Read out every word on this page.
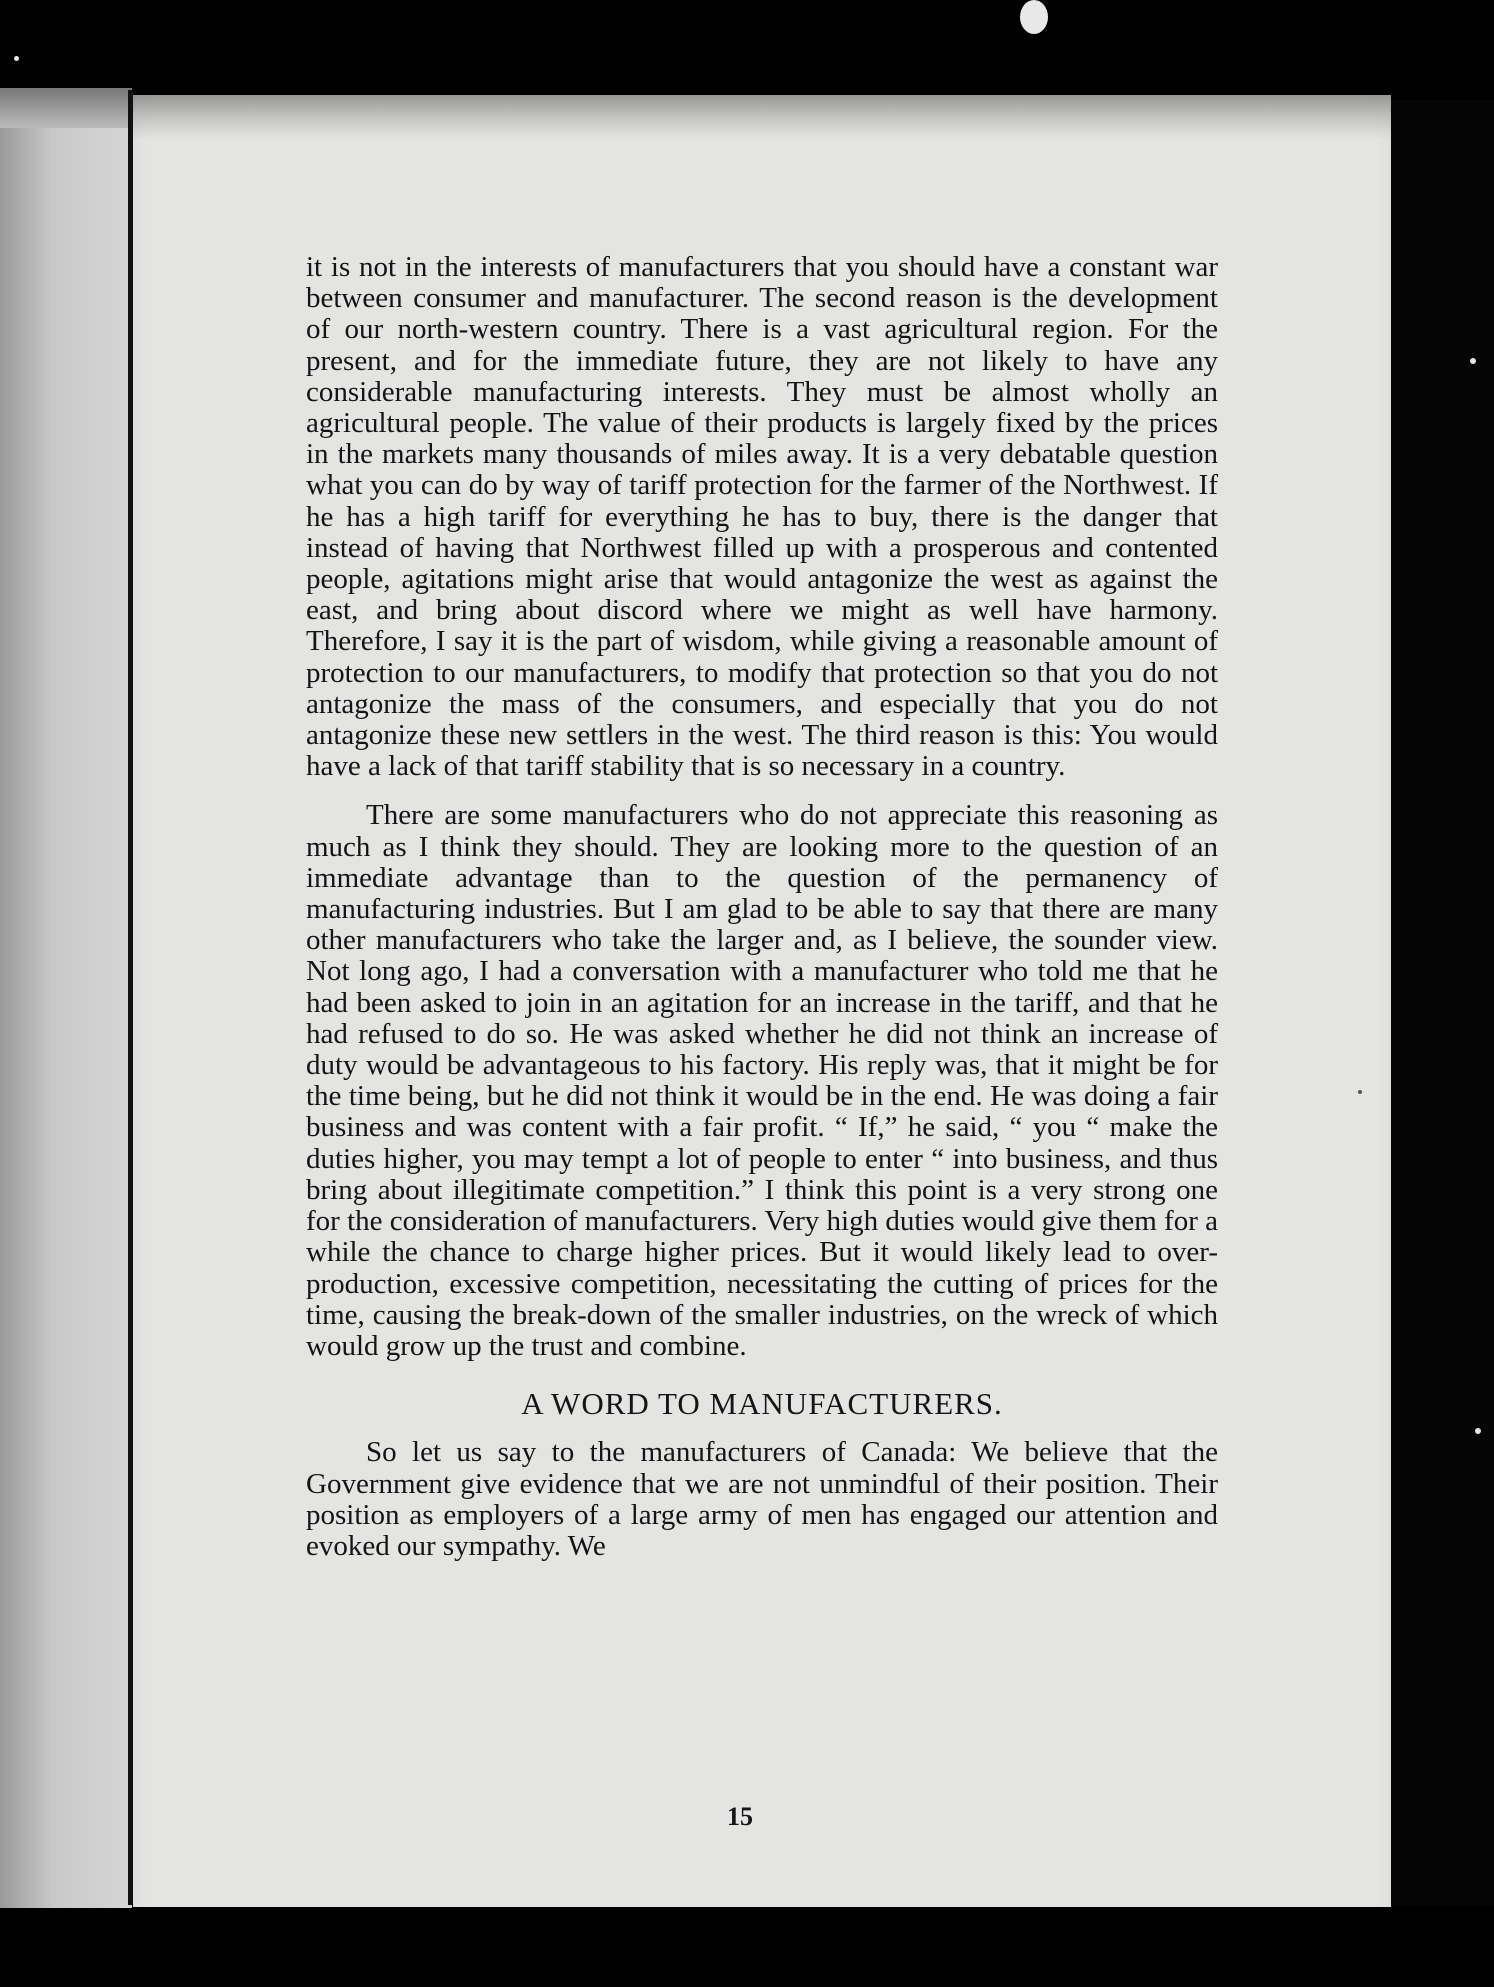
it is not in the interests of manufacturers that you should have a constant war between consumer and manufacturer. The second reason is the development of our north-western country. There is a vast agricultural region. For the present, and for the immediate future, they are not likely to have any considerable manufacturing interests. They must be almost wholly an agricultural people. The value of their products is largely fixed by the prices in the markets many thousands of miles away. It is a very debatable question what you can do by way of tariff protection for the farmer of the Northwest. If he has a high tariff for everything he has to buy, there is the danger that instead of having that Northwest filled up with a prosperous and contented people, agitations might arise that would antagonize the west as against the east, and bring about discord where we might as well have harmony. Therefore, I say it is the part of wisdom, while giving a reasonable amount of protection to our manufacturers, to modify that protection so that you do not antagonize the mass of the consumers, and especially that you do not antagonize these new settlers in the west. The third reason is this: You would have a lack of that tariff stability that is so necessary in a country.

There are some manufacturers who do not appreciate this reasoning as much as I think they should. They are looking more to the question of an immediate advantage than to the question of the permanency of manufacturing industries. But I am glad to be able to say that there are many other manufacturers who take the larger and, as I believe, the sounder view. Not long ago, I had a conversation with a manufacturer who told me that he had been asked to join in an agitation for an increase in the tariff, and that he had refused to do so. He was asked whether he did not think an increase of duty would be advantageous to his factory. His reply was, that it might be for the time being, but he did not think it would be in the end. He was doing a fair business and was content with a fair profit. “ If,” he said, “ you “ make the duties higher, you may tempt a lot of people to enter “ into business, and thus bring about illegitimate competition.” I think this point is a very strong one for the consideration of manufacturers. Very high duties would give them for a while the chance to charge higher prices. But it would likely lead to over-production, excessive competition, necessitating the cutting of prices for the time, causing the break-down of the smaller industries, on the wreck of which would grow up the trust and combine.

A WORD TO MANUFACTURERS.

So let us say to the manufacturers of Canada: We believe that the Government give evidence that we are not unmindful of their position. Their position as employers of a large army of men has engaged our attention and evoked our sympathy. We

15
